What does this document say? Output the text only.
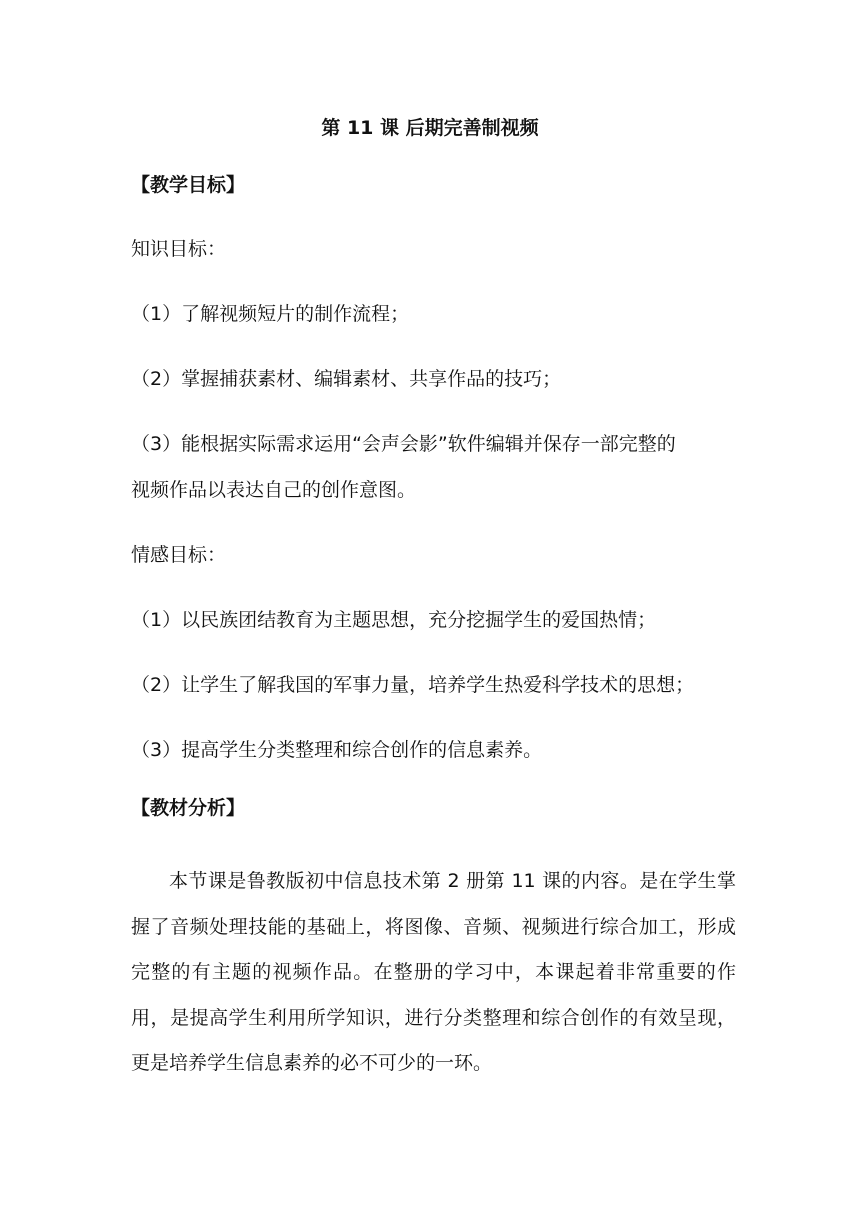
第 11 课 后期完善制视频
【教学目标】
知识目标：
（1）了解视频短片的制作流程；
（2）掌握捕获素材、编辑素材、共享作品的技巧；
（3）能根据实际需求运用“会声会影”软件编辑并保存一部完整的
视频作品以表达自己的创作意图。
情感目标：
（1）以民族团结教育为主题思想，充分挖掘学生的爱国热情；
（2）让学生了解我国的军事力量，培养学生热爱科学技术的思想；
（3）提高学生分类整理和综合创作的信息素养。
【教材分析】
本节课是鲁教版初中信息技术第 2 册第 11 课的内容。是在学生掌握了音频处理技能的基础上，将图像、音频、视频进行综合加工，形成完整的有主题的视频作品。在整册的学习中，本课起着非常重要的作用，是提高学生利用所学知识，进行分类整理和综合创作的有效呈现，更是培养学生信息素养的必不可少的一环。
